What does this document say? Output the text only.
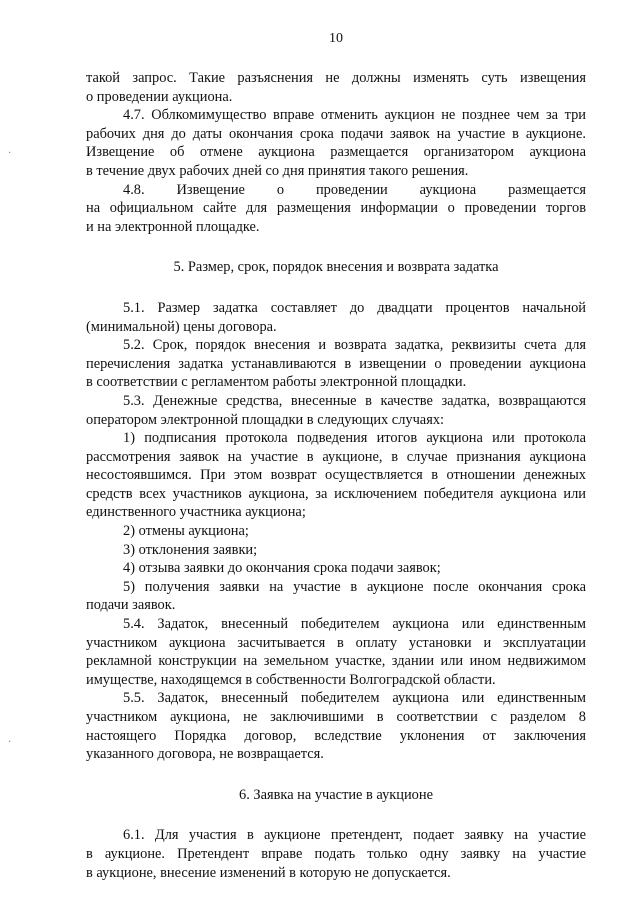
10
такой запрос. Такие разъяснения не должны изменять суть извещения
о проведении аукциона.
4.7. Облкомимущество вправе отменить аукцион не позднее чем за три
рабочих дня до даты окончания срока подачи заявок на участие в аукционе.
Извещение об отмене аукциона размещается организатором аукциона
в течение двух рабочих дней со дня принятия такого решения.
4.8. Извещение о проведении аукциона размещается
на официальном сайте для размещения информации о проведении торгов
и на электронной площадке.
5. Размер, срок, порядок внесения и возврата задатка
5.1. Размер задатка составляет до двадцати процентов начальной
(минимальной) цены договора.
5.2. Срок, порядок внесения и возврата задатка, реквизиты счета для
перечисления задатка устанавливаются в извещении о проведении аукциона
в соответствии с регламентом работы электронной площадки.
5.3. Денежные средства, внесенные в качестве задатка, возвращаются
оператором электронной площадки в следующих случаях:
1) подписания протокола подведения итогов аукциона или протокола
рассмотрения заявок на участие в аукционе, в случае признания аукциона
несостоявшимся. При этом возврат осуществляется в отношении денежных
средств всех участников аукциона, за исключением победителя аукциона или
единственного участника аукциона;
2) отмены аукциона;
3) отклонения заявки;
4) отзыва заявки до окончания срока подачи заявок;
5) получения заявки на участие в аукционе после окончания срока
подачи заявок.
5.4. Задаток, внесенный победителем аукциона или единственным
участником аукциона засчитывается в оплату установки и эксплуатации
рекламной конструкции на земельном участке, здании или ином недвижимом
имуществе, находящемся в собственности Волгоградской области.
5.5. Задаток, внесенный победителем аукциона или единственным
участником аукциона, не заключившими в соответствии с разделом 8
настоящего Порядка договор, вследствие уклонения от заключения
указанного договора, не возвращается.
6. Заявка на участие в аукционе
6.1. Для участия в аукционе претендент, подает заявку на участие
в аукционе. Претендент вправе подать только одну заявку на участие
в аукционе, внесение изменений в которую не допускается.
·
·
